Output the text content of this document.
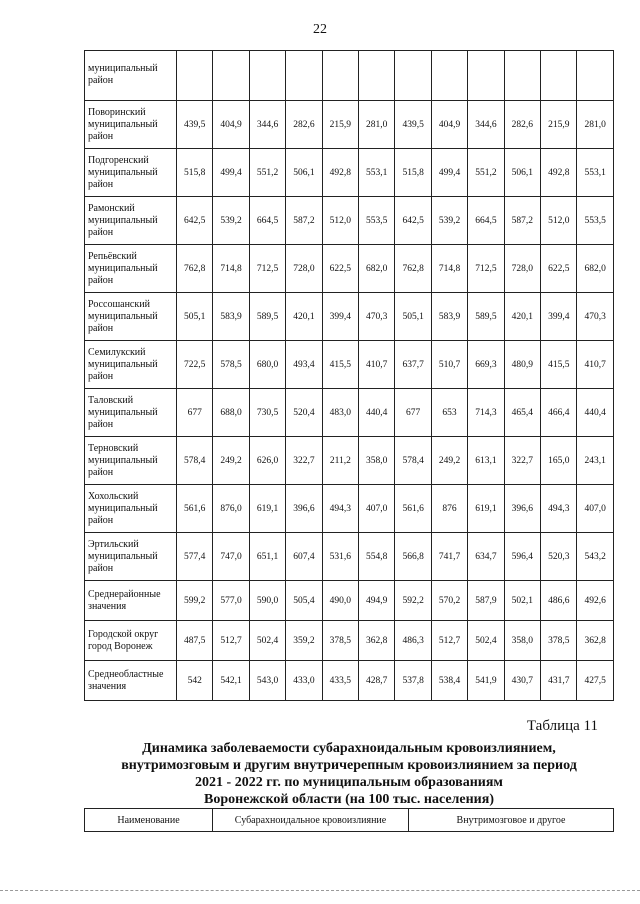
22
муниципальный район												
Поворинский муниципальный район	439,5	404,9	344,6	282,6	215,9	281,0	439,5	404,9	344,6	282,6	215,9	281,0
Подгоренский муниципальный район	515,8	499,4	551,2	506,1	492,8	553,1	515,8	499,4	551,2	506,1	492,8	553,1
Рамонский муниципальный район	642,5	539,2	664,5	587,2	512,0	553,5	642,5	539,2	664,5	587,2	512,0	553,5
Репьёвский муниципальный район	762,8	714,8	712,5	728,0	622,5	682,0	762,8	714,8	712,5	728,0	622,5	682,0
Россошанский муниципальный район	505,1	583,9	589,5	420,1	399,4	470,3	505,1	583,9	589,5	420,1	399,4	470,3
Семилукский муниципальный район	722,5	578,5	680,0	493,4	415,5	410,7	637,7	510,7	669,3	480,9	415,5	410,7
Таловский муниципальный район	677	688,0	730,5	520,4	483,0	440,4	677	653	714,3	465,4	466,4	440,4
Терновский муниципальный район	578,4	249,2	626,0	322,7	211,2	358,0	578,4	249,2	613,1	322,7	165,0	243,1
Хохольский муниципальный район	561,6	876,0	619,1	396,6	494,3	407,0	561,6	876	619,1	396,6	494,3	407,0
Эртильский муниципальный район	577,4	747,0	651,1	607,4	531,6	554,8	566,8	741,7	634,7	596,4	520,3	543,2
Среднерайонные значения	599,2	577,0	590,0	505,4	490,0	494,9	592,2	570,2	587,9	502,1	486,6	492,6
Городской округ город Воронеж	487,5	512,7	502,4	359,2	378,5	362,8	486,3	512,7	502,4	358,0	378,5	362,8
Среднеобластные значения	542	542,1	543,0	433,0	433,5	428,7	537,8	538,4	541,9	430,7	431,7	427,5
Таблица 11
Динамика заболеваемости субарахноидальным кровоизлиянием,
внутримозговым и другим внутричерепным кровоизлиянием за период
2021 - 2022 гг. по муниципальным образованиям
Воронежской области (на 100 тыс. населения)
Наименование	Субарахноидальное кровоизлияние	Внутримозговое и другое
